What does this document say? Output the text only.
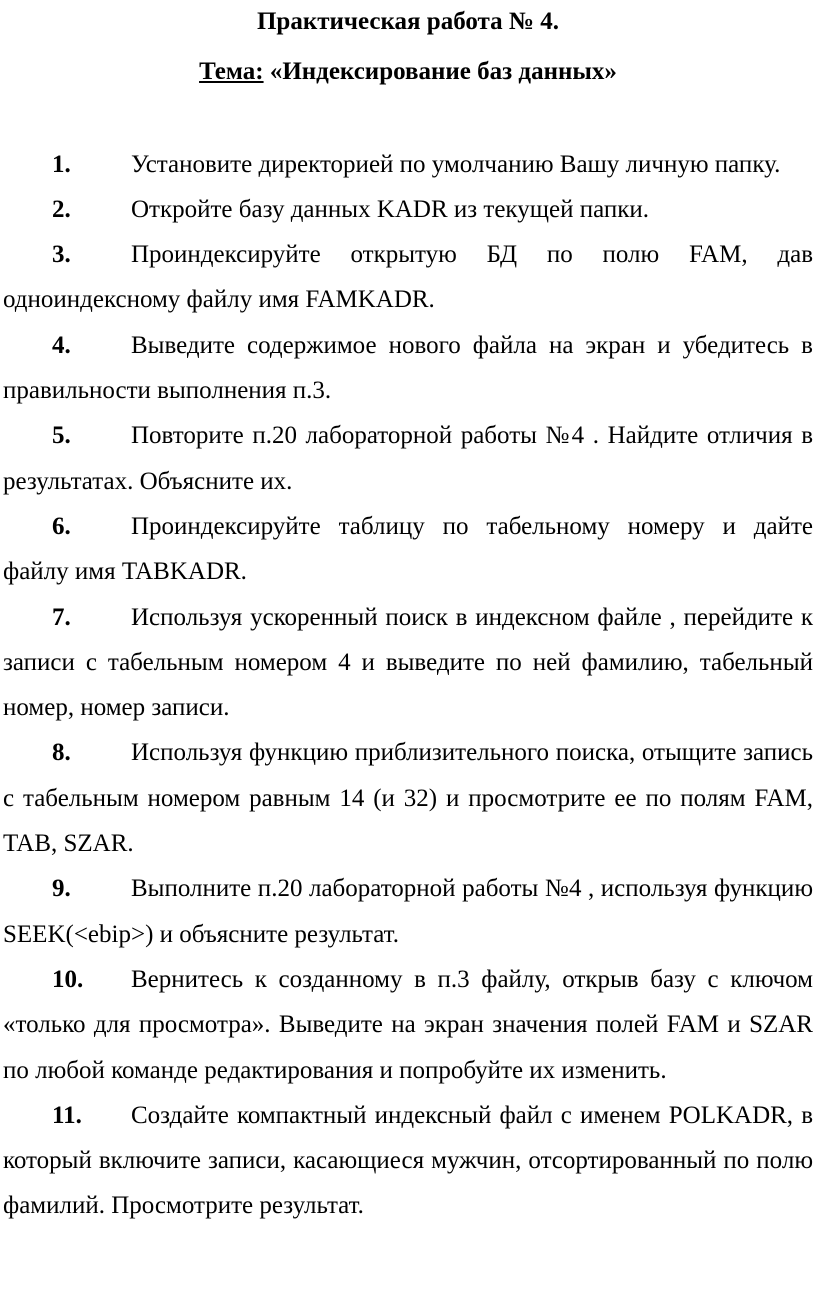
Практическая работа № 4.

Тема: «Индексирование баз данных»

1. Установите директорией по умолчанию Вашу личную папку.

2. Откройте базу данных KADR из текущей папки.

3. Проиндексируйте открытую БД по полю FAM, дав одноиндексному файлу имя FAMKADR.

4. Выведите содержимое нового файла на экран и убедитесь в правильности выполнения п.3.

5. Повторите п.20 лабораторной работы №4 . Найдите отличия в результатах. Объясните их.

6. Проиндексируйте таблицу по табельному номеру и дайте файлу имя TABKADR.

7. Используя ускоренный поиск в индексном файле , перейдите к записи с табельным номером 4 и выведите по ней фамилию, табельный номер, номер записи.

8. Используя функцию приблизительного поиска, отыщите запись с табельным номером равным 14 (и 32) и просмотрите ее по полям FAM, TAB, SZAR.

9. Выполните п.20 лабораторной работы №4 , используя функцию SEEK(<ebip>) и объясните результат.

10. Вернитесь к созданному в п.3 файлу, открыв базу с ключом «только для просмотра». Выведите на экран значения полей FAM и SZAR по любой команде редактирования и попробуйте их изменить.

11. Создайте компактный индексный файл с именем POLKADR, в который включите записи, касающиеся мужчин, отсортированный по полю фамилий. Просмотрите результат.
